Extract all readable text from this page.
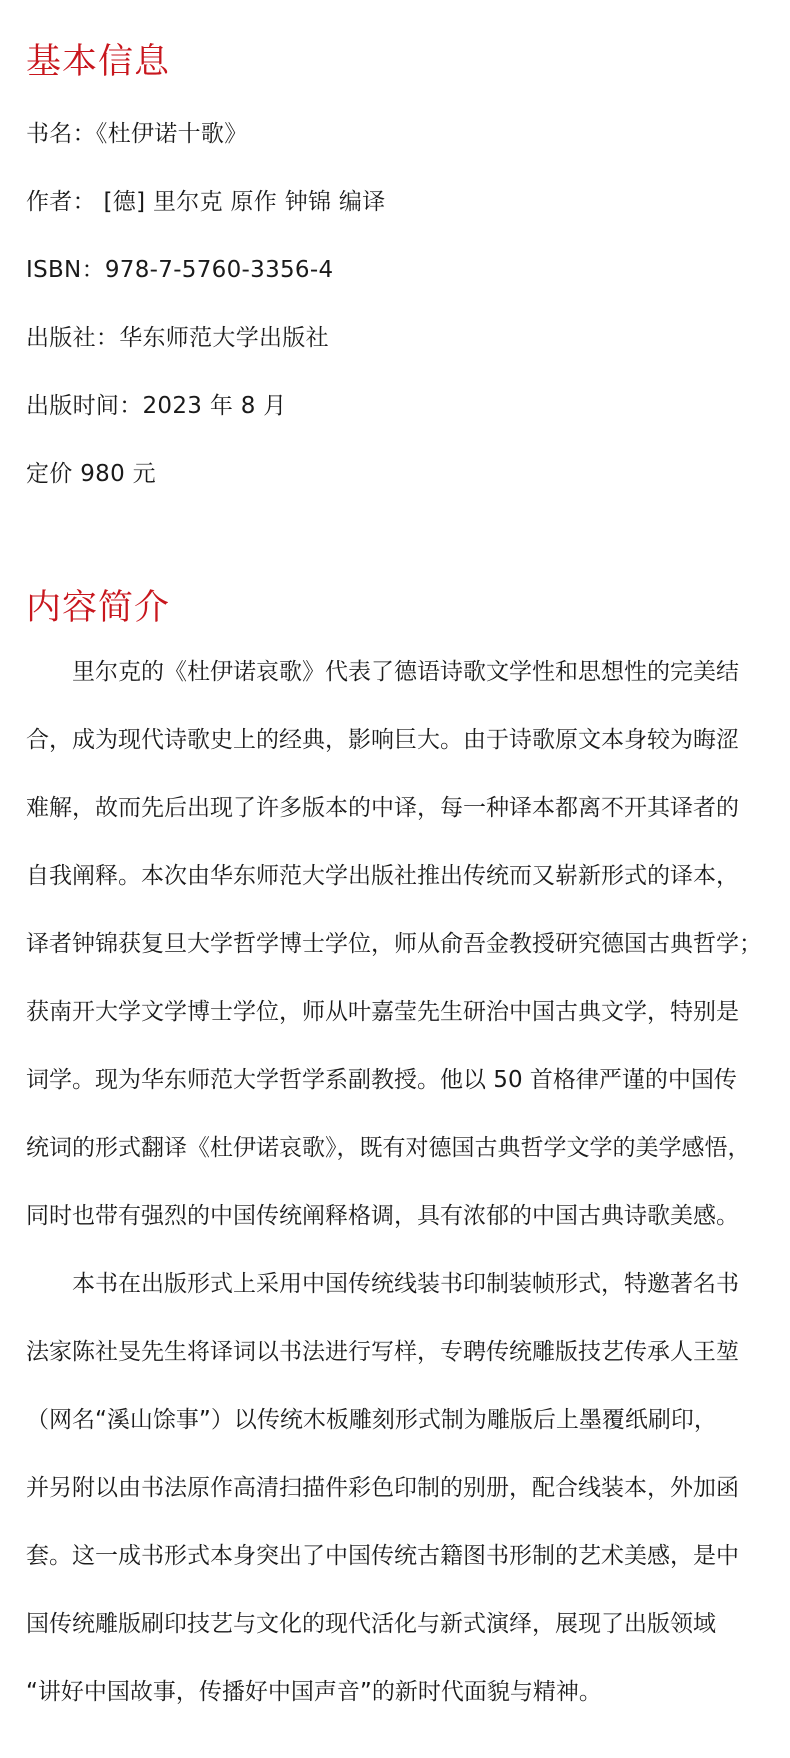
基本信息
书名：《杜伊诺十歌》
作者： [德] 里尔克 原作 钟锦 编译
ISBN：978-7-5760-3356-4
出版社：华东师范大学出版社
出版时间：2023 年 8 月
定价 980 元
内容简介

里尔克的《杜伊诺哀歌》代表了德语诗歌文学性和思想性的完美结
合，成为现代诗歌史上的经典，影响巨大。由于诗歌原文本身较为晦涩
难解，故而先后出现了许多版本的中译，每一种译本都离不开其译者的
自我阐释。本次由华东师范大学出版社推出传统而又崭新形式的译本，
译者钟锦获复旦大学哲学博士学位，师从俞吾金教授研究德国古典哲学；
获南开大学文学博士学位，师从叶嘉莹先生研治中国古典文学，特别是
词学。现为华东师范大学哲学系副教授。他以 50 首格律严谨的中国传
统词的形式翻译《杜伊诺哀歌》，既有对德国古典哲学文学的美学感悟，
同时也带有强烈的中国传统阐释格调，具有浓郁的中国古典诗歌美感。

本书在出版形式上采用中国传统线装书印制装帧形式，特邀著名书
法家陈社旻先生将译词以书法进行写样，专聘传统雕版技艺传承人王堃
（网名“溪山馀事”）以传统木板雕刻形式制为雕版后上墨覆纸刷印，
并另附以由书法原作高清扫描件彩色印制的别册，配合线装本，外加函
套。这一成书形式本身突出了中国传统古籍图书形制的艺术美感，是中
国传统雕版刷印技艺与文化的现代活化与新式演绎，展现了出版领域
“讲好中国故事，传播好中国声音”的新时代面貌与精神。
